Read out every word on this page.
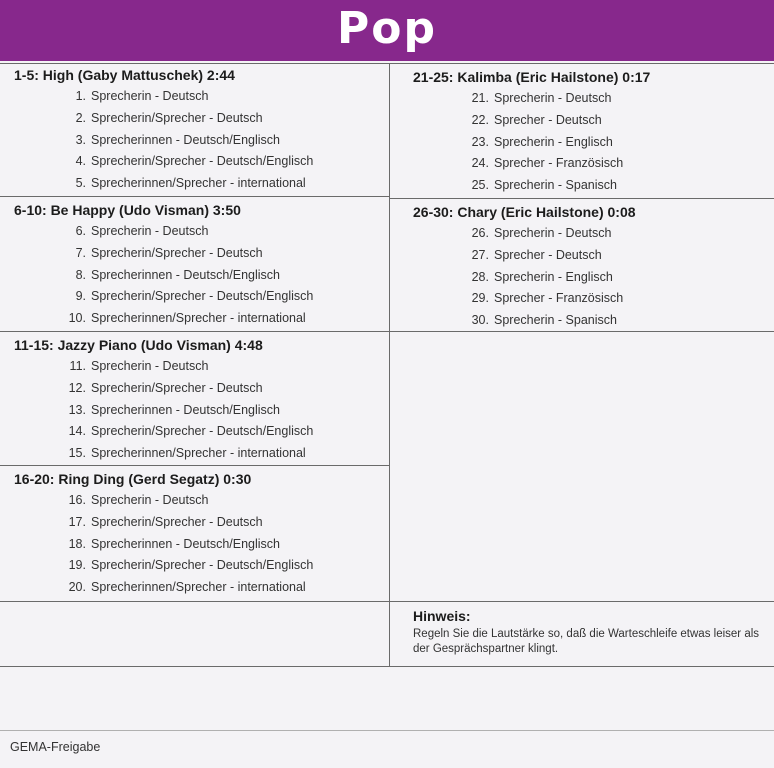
Pop
1-5: High (Gaby Mattuschek) 2:44
1. Sprecherin - Deutsch
2. Sprecherin/Sprecher - Deutsch
3. Sprecherinnen - Deutsch/Englisch
4. Sprecherin/Sprecher - Deutsch/Englisch
5. Sprecherinnen/Sprecher - international
6-10: Be Happy (Udo Visman) 3:50
6. Sprecherin - Deutsch
7. Sprecherin/Sprecher - Deutsch
8. Sprecherinnen - Deutsch/Englisch
9. Sprecherin/Sprecher - Deutsch/Englisch
10. Sprecherinnen/Sprecher - international
11-15: Jazzy Piano (Udo Visman) 4:48
11. Sprecherin - Deutsch
12. Sprecherin/Sprecher - Deutsch
13. Sprecherinnen - Deutsch/Englisch
14. Sprecherin/Sprecher - Deutsch/Englisch
15. Sprecherinnen/Sprecher - international
16-20: Ring Ding (Gerd Segatz) 0:30
16. Sprecherin - Deutsch
17. Sprecherin/Sprecher - Deutsch
18. Sprecherinnen - Deutsch/Englisch
19. Sprecherin/Sprecher - Deutsch/Englisch
20. Sprecherinnen/Sprecher - international
21-25: Kalimba (Eric Hailstone) 0:17
21. Sprecherin - Deutsch
22. Sprecher - Deutsch
23. Sprecherin - Englisch
24. Sprecher - Französisch
25. Sprecherin - Spanisch
26-30: Chary (Eric Hailstone) 0:08
26. Sprecherin - Deutsch
27. Sprecher - Deutsch
28. Sprecherin - Englisch
29. Sprecher - Französisch
30. Sprecherin - Spanisch
Hinweis:
Regeln Sie die Lautstärke so, daß die Warteschleife etwas leiser als der Gesprächspartner klingt.
GEMA-Freigabe
